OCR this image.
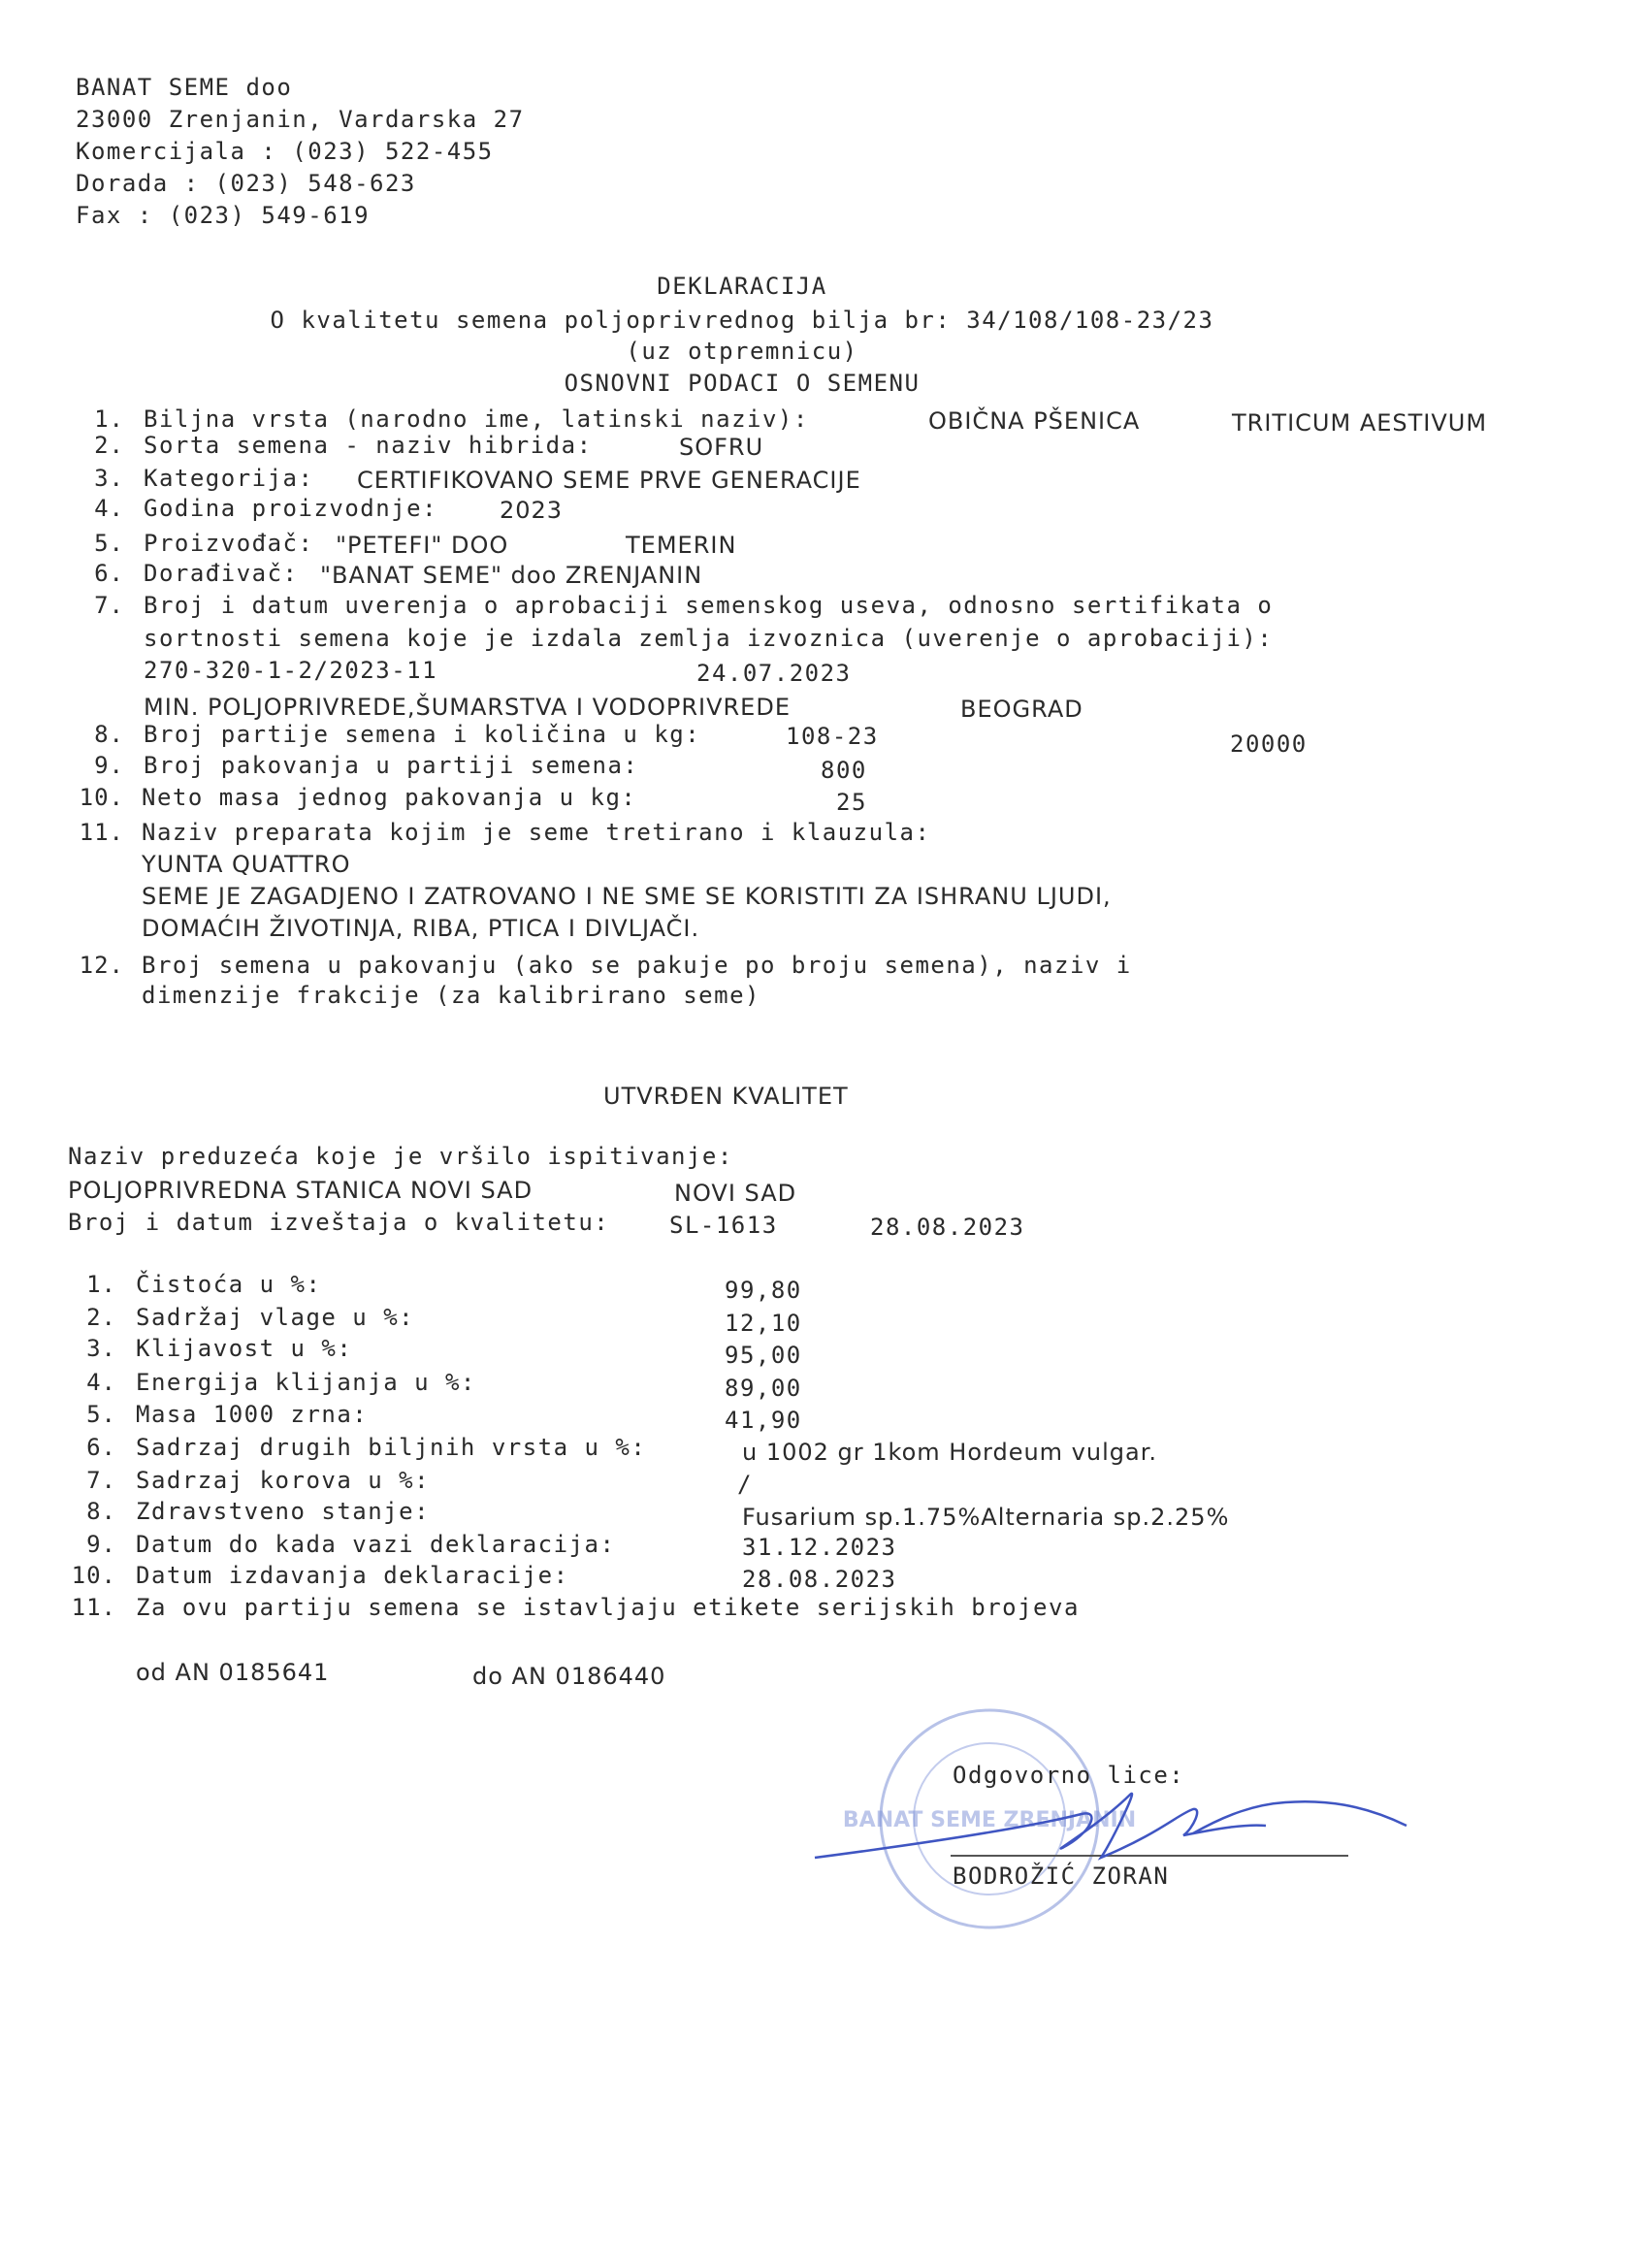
BANAT SEME doo
23000 Zrenjanin, Vardarska 27
Komercijala : (023) 522-455
Dorada : (023) 548-623
Fax : (023) 549-619
DEKLARACIJA
O kvalitetu semena poljoprivrednog bilja br: 34/108/108-23/23
(uz otpremnicu)
OSNOVNI PODACI O SEMENU
1. Biljna vrsta (narodno ime, latinski naziv):	OBIČNA PŠENICA	TRITICUM AESTIVUM
2. Sorta semena - naziv hibrida:	SOFRU
3. Kategorija: CERTIFIKOVANO SEME PRVE GENERACIJE
4. Godina proizvodnje:	2023
5. Proizvođač: "PETEFI" DOO	TEMERIN
6. Dorađivač: "BANAT SEME" doo ZRENJANIN
7. Broj i datum uverenja o aprobaciji semenskog useva, odnosno sertifikata o
sortnosti semena koje je izdala zemlja izvoznica (uverenje o aprobaciji):
270-320-1-2/2023-11	24.07.2023
MIN. POLJOPRIVREDE,ŠUMARSTVA I VODOPRIVREDE	BEOGRAD
8. Broj partije semena i količina u kg:	108-23	20000
9. Broj pakovanja u partiji semena:	800
10. Neto masa jednog pakovanja u kg:	25
11. Naziv preparata kojim je seme tretirano i klauzula:
YUNTA QUATTRO
SEME JE ZAGADJENO I ZATROVANO I NE SME SE KORISTITI ZA ISHRANU LJUDI,
DOMAĆIH ŽIVOTINJA, RIBA, PTICA I DIVLJAČI.
12. Broj semena u pakovanju (ako se pakuje po broju semena), naziv i
dimenzije frakcije (za kalibrirano seme)
UTVRĐEN KVALITET
Naziv preduzeća koje je vršilo ispitivanje:
POLJOPRIVREDNA STANICA NOVI SAD	NOVI SAD
Broj i datum izveštaja o kvalitetu:	SL-1613	28.08.2023
1. Čistoća u %:	99,80
2. Sadržaj vlage u %:	12,10
3. Klijavost u %:	95,00
4. Energija klijanja u %:	89,00
5. Masa 1000 zrna:	41,90
6. Sadrzaj drugih biljnih vrsta u %:	u 1002 gr 1kom Hordeum vulgar.
7. Sadrzaj korova u %:	/
8. Zdravstveno stanje:	Fusarium sp.1.75%Alternaria sp.2.25%
9. Datum do kada vazi deklaracija:	31.12.2023
10. Datum izdavanja deklaracije:	28.08.2023
11. Za ovu partiju semena se istavljaju etikete serijskih brojeva
od AN 0185641	do AN 0186440
BANAT SEME ZRENJANIN
Odgovorno lice:
BODROŽIĆ ZORAN
